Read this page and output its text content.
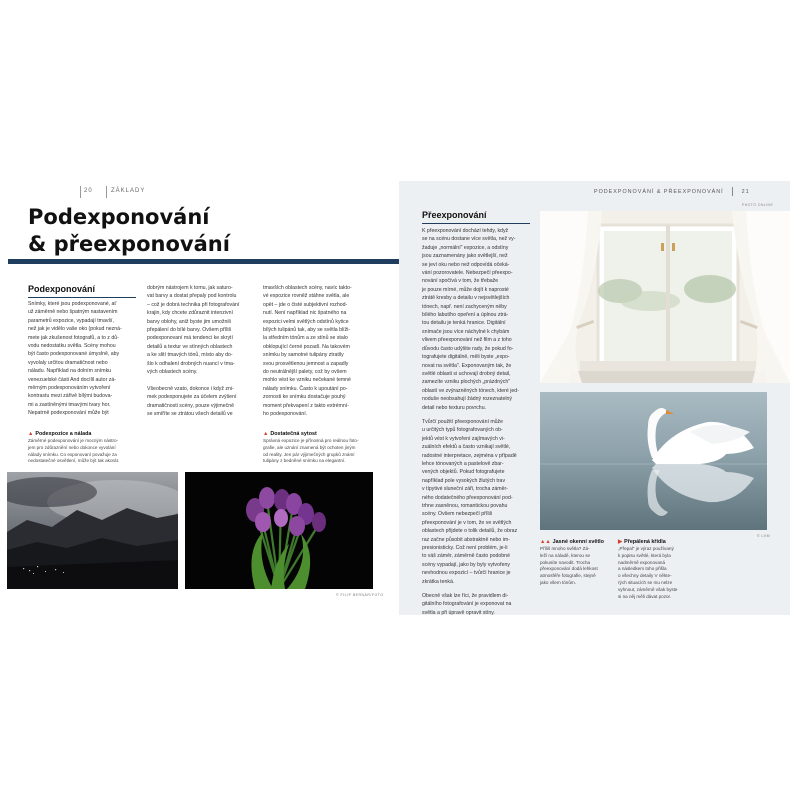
20	ZÁKLADY
Podexponování
& přeexponování
Podexponování
Snímky, které jsou podexponované, ať
už záměrně nebo špatným nastavením
parametrů expozice, vypadají tmavší,
než jak je vidělo vaše oko (pokud nezná-
mete jak zkušenost fotografů, a to z dů-
vodu nedostatku světla. Scény mohou
být často podexponované úmyslně, aby
vyvolaly určitou dramatičnost nebo
náladu. Například na dolním snímku
venezuelské části And docílil autor zá-
měrným podexponováním vytvoření
kontrastu mezi zářivě bílými budova-
mi a zastíněnými tmavými tvary hor.
Nepatrně podexponování může být
dobrým nástrojem k tomu, jak saturo-
vat barvy a dostat přepaly pod kontrolu
– což je dobrá technika při fotografování
krajin, kdy chcete zdůraznit intenzivní
barvy oblohy, aniž byste jim umožnili
přepálení do bílé barvy. Ovšem příliš
podexponovaní má tendenci ke skrytí
detailů a textur ve stínných oblastech
a ke slití tmavých tónů, místo aby do-
šlo k odhalení drobných nuancí v tma-
vých oblastech scény.
Všeobecně vzato, dokonce i když zni-
mek podexponujete za účelem zvýšení
dramatičnosti scény, pouze výjimečně
se smíříte se ztrátou všech detailů ve
tmavších oblastech scény, navíc takto-
vé expozice rovněž stáhne světla, ale
opět – jde o čisté subjektivní rozhod-
nutí. Není například nic špatného na
expozici velmi světlých odstínů kytice
bílých tulipánů tak, aby se světla blíži-
la středním tónům a ze stínů se stalo
obklopující černé pozadí. Na takovém
snímku by samotné tulipány ztratily
svou prosvětlenou jemnost a zapadly
do neutrálnější palety, což by ovšem
mohlo vést ke vzniku nečekané temné
nálady snímku. Často k upoutání po-
zornosti ke snímku dostačuje pouhý
moment překvapení z takto extrémní-
ho podexponování.
▲ Podexpozice a nálada
Záměrné podexponování je mocným nástro-
jem pro zdůraznění nebo dokonce vyvolání
nálady snímku. Co exponovaní považuje za
nedostatečné osvětlení, může být tak akorát.
▲ Dostatečná sytost
Správná expozice je přínosná pro reálnou foto-
grafie, ale uznání znamená být ochoten jiným
od reality. Jen pár výjimečných grupků známí
tulipány z bedněné snímku na elegantní.
© FILIP BERNÁR/FOTO
PODEXPONOVÁNÍ & PŘEEXPONOVÁNÍ	21
PHOTO ONLINE
Přeexponování
K přeexponování dochází tehdy, když
se na scénu dostane více světla, než vy-
žaduje „normální" expozice, a odstíny
jsou zaznamenány jako světlejší, než
se jeví oku nebo než odpovídá očeká-
vání pozorovatele. Nebezpečí přeexpo-
nování spočívá v tom, že třebaže
je pouze mírné, může dojít k naprosté
ztrátě kresby a detailu v nejsvětlejších
tónech, např. není zachyceným něby
bílého labutího opeření a úplnou ztrá-
tou detailu je tenká hranice. Digitální
snímače jsou více náchylné k chybám
vlivem přeexponování než film a z toho
důvodu často udýšite rady, že pokud fo-
tografujete digitálně, měli byste „expo-
novat na světla". Exponovaným tak, že
světlé oblasti si uchovají drobný detail,
zamezíte vzniku plochých „prázdných"
oblastí ve zvýrazněných tónech, které jed-
noduše neobsahují žádný rozeznatelný
detail nebo texturu povrchu.
Tvůrčí použití přeexponování může
u určitých typů fotografovaných ob-
jektů vést k vytvoření zajímavých vi-
zuálních efektů a často vznikají světlé,
radostné interpretace, zejména v případě
lehce tónovaných a pastelově zbar-
vených objektů. Pokud fotografujete
například pole vysokých žlutých trav
v típytivé sluneční záři, trocha záměr-
ného dodatečného přeexponování pod-
trhne zasněnou, romantickou povahu
scény. Ovšem nebezpečí příliš
přeexponování je v tom, že ve světlých
oblastech přijdete o tolik detailů, že obraz
raz začne působit abstraktně nebo im-
presionisticky. Což není problém, je-li
to váš záměr, záměrně často podobné
scény vypadají, jako by byly vytvořeny
nevhodnou expozicí – tvůrčí hranice je
zkrátka tenká.
Obecně však lze říci, že pravidlem di-
gitálního fotografování je exponovat na
světla a při úpravě opravit stíny.
© LVM
▲▲ Jasné okenní světlo
Příliš mnoho světla? Zá-
leží na náladě, kterou se
pokusíte navodit. Trocha
přeexponování dodá lehkost
atmosféře fotografie, stejně
jako všem tónům.
▶ Přepálená křídla
„Přepal" je výraz používaný
k popisu světlé, která byla
nadměrně exponovaná
a následkem toho přišla
o všechny detaily V někte-
rých situacích se mu nelze
vyhnout, záměrně však byste
si na něj měli dávat pozor.
